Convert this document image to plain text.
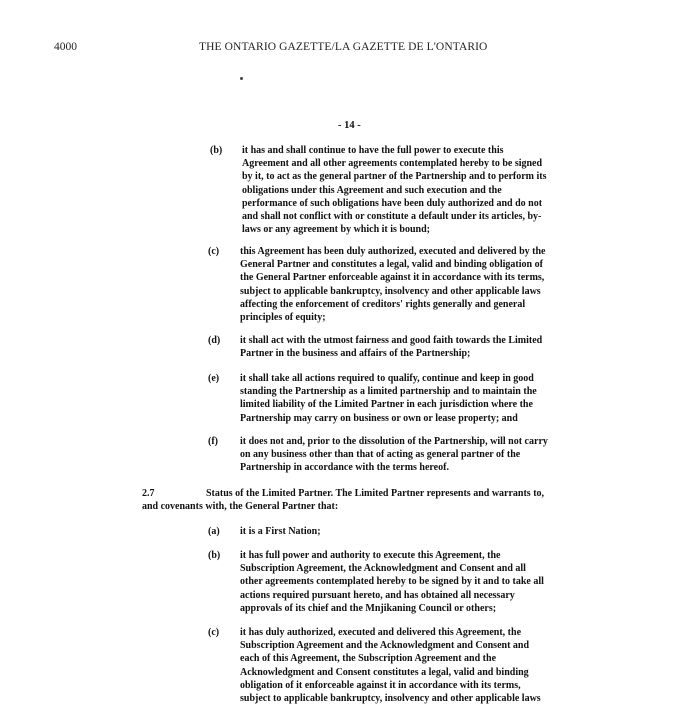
4000	THE ONTARIO GAZETTE/LA GAZETTE DE L'ONTARIO
- 14 -
(b) it has and shall continue to have the full power to execute this Agreement and all other agreements contemplated hereby to be signed by it, to act as the general partner of the Partnership and to perform its obligations under this Agreement and such execution and the performance of such obligations have been duly authorized and do not and shall not conflict with or constitute a default under its articles, by-laws or any agreement by which it is bound;
(c) this Agreement has been duly authorized, executed and delivered by the General Partner and constitutes a legal, valid and binding obligation of the General Partner enforceable against it in accordance with its terms, subject to applicable bankruptcy, insolvency and other applicable laws affecting the enforcement of creditors' rights generally and general principles of equity;
(d) it shall act with the utmost fairness and good faith towards the Limited Partner in the business and affairs of the Partnership;
(e) it shall take all actions required to qualify, continue and keep in good standing the Partnership as a limited partnership and to maintain the limited liability of the Limited Partner in each jurisdiction where the Partnership may carry on business or own or lease property; and
(f) it does not and, prior to the dissolution of the Partnership, will not carry on any business other than that of acting as general partner of the Partnership in accordance with the terms hereof.
2.7	Status of the Limited Partner. The Limited Partner represents and warrants to, and covenants with, the General Partner that:
(a) it is a First Nation;
(b) it has full power and authority to execute this Agreement, the Subscription Agreement, the Acknowledgment and Consent and all other agreements contemplated hereby to be signed by it and to take all actions required pursuant hereto, and has obtained all necessary approvals of its chief and the Mnjikaning Council or others;
(c) it has duly authorized, executed and delivered this Agreement, the Subscription Agreement and the Acknowledgment and Consent and each of this Agreement, the Subscription Agreement and the Acknowledgment and Consent constitutes a legal, valid and binding obligation of it enforceable against it in accordance with its terms, subject to applicable bankruptcy, insolvency and other applicable laws
